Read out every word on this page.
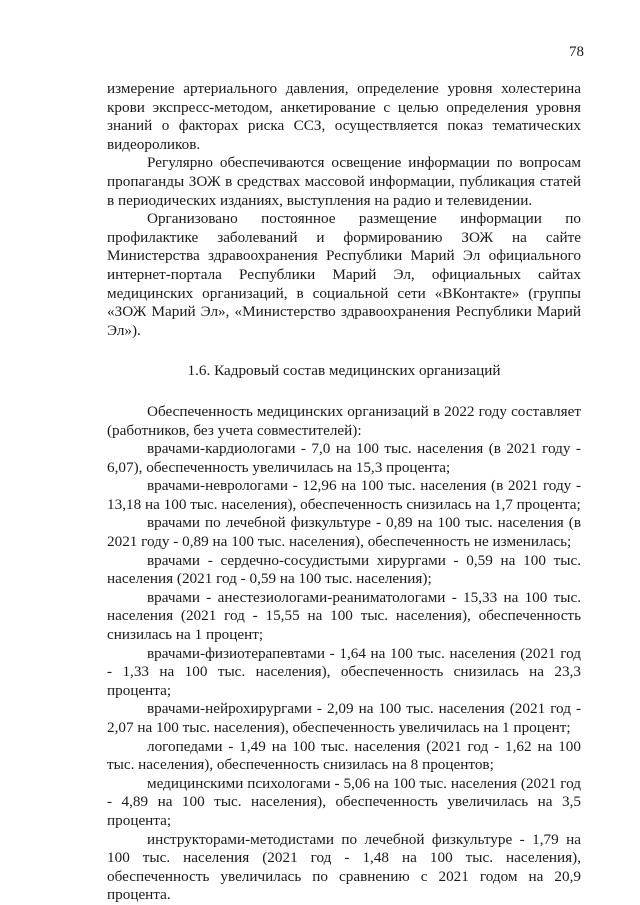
78

измерение артериального давления, определение уровня холестерина крови экспресс-методом, анкетирование с целью определения уровня знаний о факторах риска ССЗ, осуществляется показ тематических видеороликов.

Регулярно обеспечиваются освещение информации по вопросам пропаганды ЗОЖ в средствах массовой информации, публикация статей в периодических изданиях, выступления на радио и телевидении.

Организовано постоянное размещение информации по профилактике заболеваний и формированию ЗОЖ на сайте Министерства здравоохранения Республики Марий Эл официального интернет-портала Республики Марий Эл, официальных сайтах медицинских организаций, в социальной сети «ВКонтакте» (группы «ЗОЖ Марий Эл», «Министерство здравоохранения Республики Марий Эл»).

1.6. Кадровый состав медицинских организаций

Обеспеченность медицинских организаций в 2022 году составляет (работников, без учета совместителей):

врачами-кардиологами - 7,0 на 100 тыс. населения (в 2021 году - 6,07), обеспеченность увеличилась на 15,3 процента;

врачами-неврологами - 12,96 на 100 тыс. населения (в 2021 году - 13,18 на 100 тыс. населения), обеспеченность снизилась на 1,7 процента;

врачами по лечебной физкультуре - 0,89 на 100 тыс. населения (в 2021 году - 0,89 на 100 тыс. населения), обеспеченность не изменилась;

врачами - сердечно-сосудистыми хирургами - 0,59 на 100 тыс. населения (2021 год - 0,59 на 100 тыс. населения);

врачами - анестезиологами-реаниматологами - 15,33 на 100 тыс. населения (2021 год - 15,55 на 100 тыс. населения), обеспеченность снизилась на 1 процент;

врачами-физиотерапевтами - 1,64 на 100 тыс. населения (2021 год - 1,33 на 100 тыс. населения), обеспеченность снизилась на 23,3 процента;

врачами-нейрохирургами - 2,09 на 100 тыс. населения (2021 год - 2,07 на 100 тыс. населения), обеспеченность увеличилась на 1 процент;

логопедами - 1,49 на 100 тыс. населения (2021 год - 1,62 на 100 тыс. населения), обеспеченность снизилась на 8 процентов;

медицинскими психологами - 5,06 на 100 тыс. населения (2021 год - 4,89 на 100 тыс. населения), обеспеченность увеличилась на 3,5 процента;

инструкторами-методистами по лечебной физкультуре - 1,79 на 100 тыс. населения (2021 год - 1,48 на 100 тыс. населения), обеспеченность увеличилась по сравнению с 2021 годом на 20,9 процента.
